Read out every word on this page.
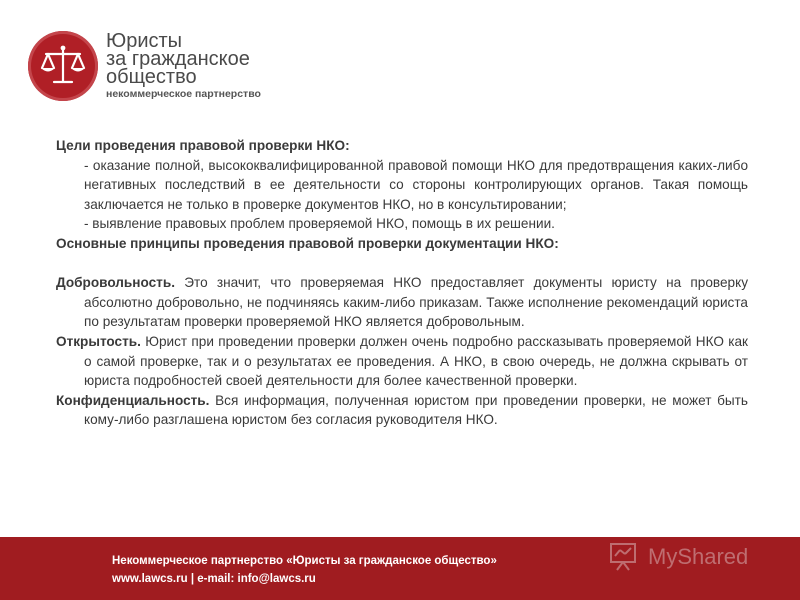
Юристы
за гражданское
общество
некоммерческое партнерство

Цели проведения правовой проверки НКО:

- оказание полной, высококвалифицированной правовой помощи НКО для предотвращения каких-либо негативных последствий в ее деятельности со стороны контролирующих органов. Такая помощь заключается не только в проверке документов НКО, но в консультировании;

- выявление правовых проблем проверяемой НКО, помощь в их решении.

Основные принципы проведения правовой проверки документации НКО:

Добровольность. Это значит, что проверяемая НКО предоставляет документы юристу на проверку абсолютно добровольно, не подчиняясь каким-либо приказам. Также исполнение рекомендаций юриста по результатам проверки проверяемой НКО является добровольным.

Открытость. Юрист при проведении проверки должен очень подробно рассказывать проверяемой НКО как о самой проверке, так и о результатах ее проведения. А НКО, в свою очередь, не должна скрывать от юриста подробностей своей деятельности для более качественной проверки.

Конфиденциальность. Вся информация, полученная юристом при проведении проверки, не может быть кому-либо разглашена юристом без согласия руководителя НКО.

Некоммерческое партнерство «Юристы за гражданское общество»
www.lawcs.ru | e-mail: info@lawcs.ru
MyShared
